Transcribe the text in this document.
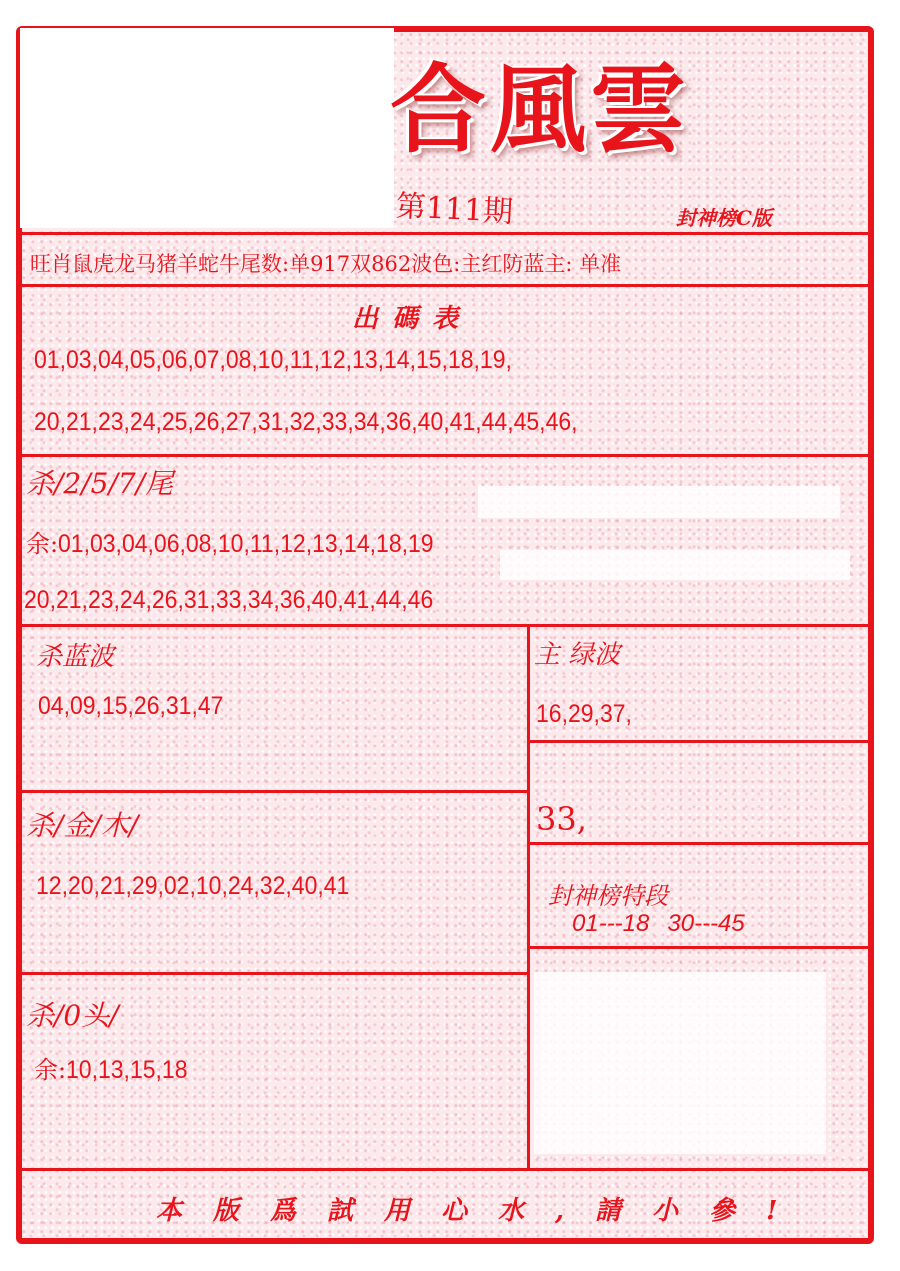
合風雲
第111期	封神榜C版
旺肖鼠虎龙马猪羊蛇牛尾数:单917双862波色:主红防蓝主: 单准
出碼表
01,03,04,05,06,07,08,10,11,12,13,14,15,18,19,
20,21,23,24,25,26,27,31,32,33,34,36,40,41,44,45,46,
杀/2/5/7/尾
余:01,03,04,06,08,10,11,12,13,14,18,19
20,21,23,24,26,31,33,34,36,40,41,44,46
杀蓝波
04,09,15,26,31,47
杀/金/木/
12,20,21,29,02,10,24,32,40,41
杀/0头/
余:10,13,15,18
主 绿波
16,29,37,
33,
封神榜特段
01---18 30---45
本版爲試用心水,請小參!
